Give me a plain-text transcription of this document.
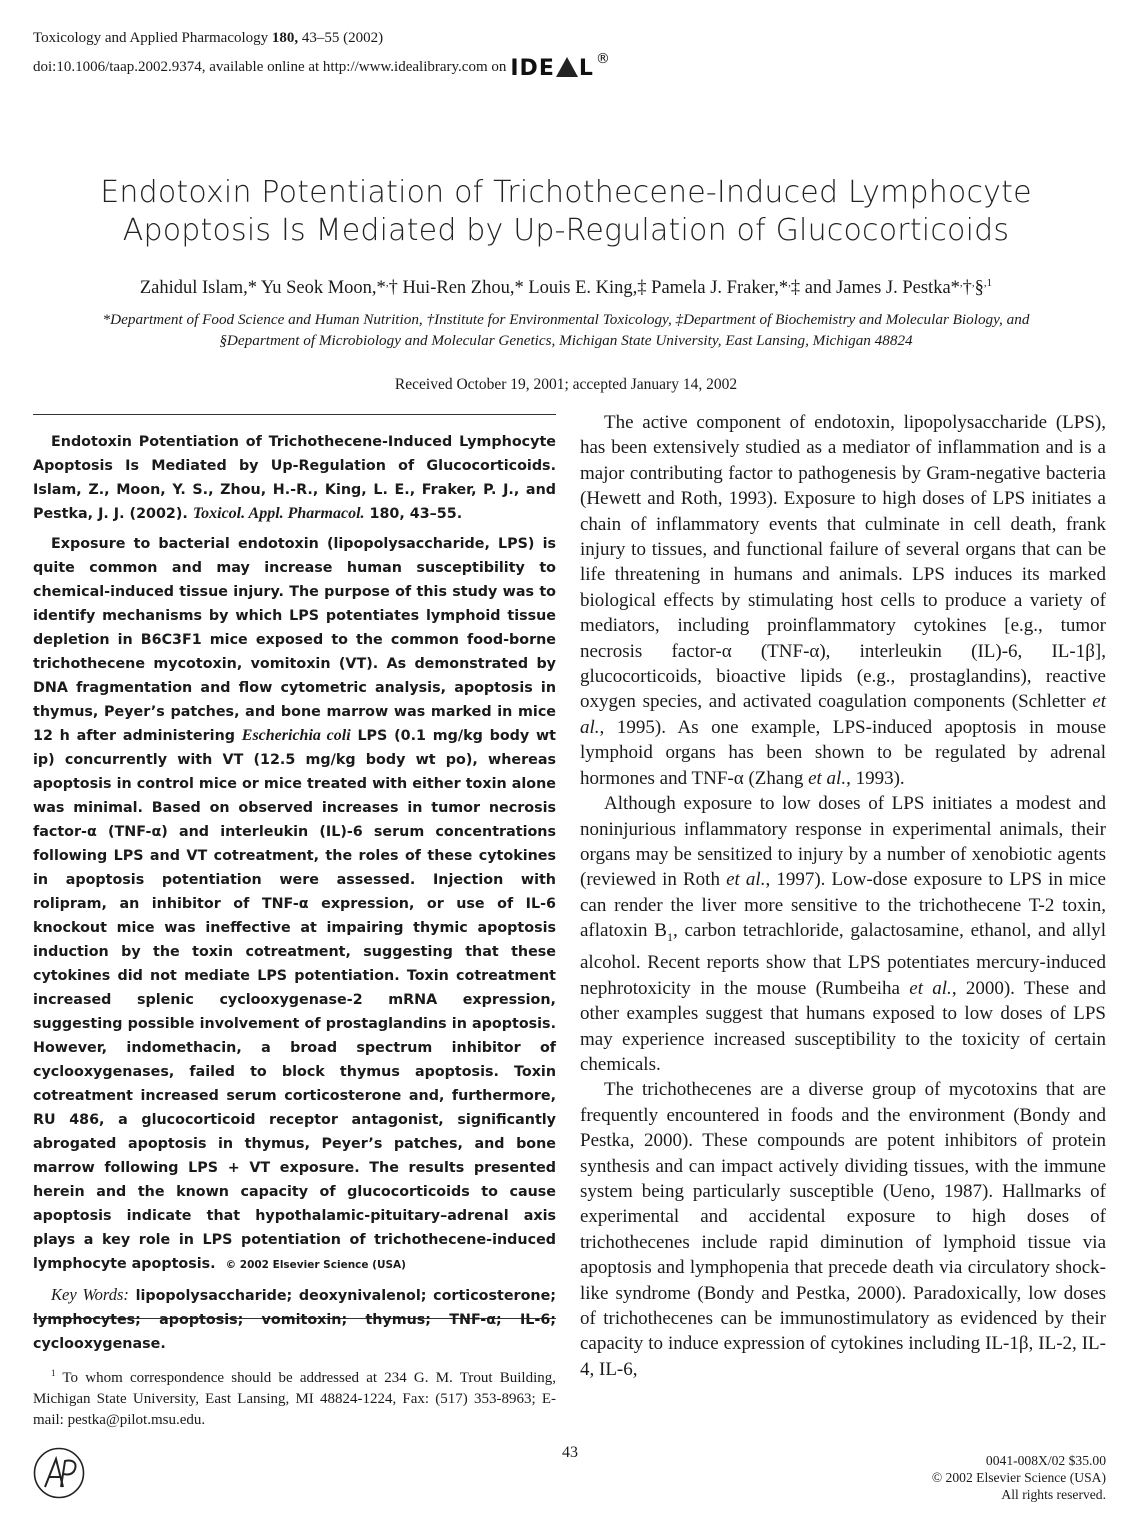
Toxicology and Applied Pharmacology 180, 43–55 (2002)
doi:10.1006/taap.2002.9374, available online at http://www.idealibrary.com on IDE L ®
Endotoxin Potentiation of Trichothecene-Induced Lymphocyte
Apoptosis Is Mediated by Up-Regulation of Glucocorticoids
Zahidul Islam,* Yu Seok Moon,*,† Hui-Ren Zhou,* Louis E. King,‡ Pamela J. Fraker,*,‡ and James J. Pestka*,†,§$^{,1}$
*Department of Food Science and Human Nutrition, †Institute for Environmental Toxicology, ‡Department of Biochemistry and Molecular Biology, and
§Department of Microbiology and Molecular Genetics, Michigan State University, East Lansing, Michigan 48824
Received October 19, 2001; accepted January 14, 2002

Endotoxin Potentiation of Trichothecene-Induced Lymphocyte Apoptosis Is Mediated by Up-Regulation of Glucocorticoids. Islam, Z., Moon, Y. S., Zhou, H.-R., King, L. E., Fraker, P. J., and Pestka, J. J. (2002). Toxicol. Appl. Pharmacol. 180, 43–55.

Exposure to bacterial endotoxin (lipopolysaccharide, LPS) is quite common and may increase human susceptibility to chemical-induced tissue injury. The purpose of this study was to identify mechanisms by which LPS potentiates lymphoid tissue depletion in B6C3F1 mice exposed to the common food-borne trichothecene mycotoxin, vomitoxin (VT). As demonstrated by DNA fragmentation and flow cytometric analysis, apoptosis in thymus, Peyer’s patches, and bone marrow was marked in mice 12 h after administering Escherichia coli LPS (0.1 mg/kg body wt ip) concurrently with VT (12.5 mg/kg body wt po), whereas apoptosis in control mice or mice treated with either toxin alone was minimal. Based on observed increases in tumor necrosis factor-α (TNF-α) and interleukin (IL)-6 serum concentrations following LPS and VT cotreatment, the roles of these cytokines in apoptosis potentiation were assessed. Injection with rolipram, an inhibitor of TNF-α expression, or use of IL-6 knockout mice was ineffective at impairing thymic apoptosis induction by the toxin cotreatment, suggesting that these cytokines did not mediate LPS potentiation. Toxin cotreatment increased splenic cyclooxygenase-2 mRNA expression, suggesting possible involvement of prostaglandins in apoptosis. However, indomethacin, a broad spectrum inhibitor of cyclooxygenases, failed to block thymus apoptosis. Toxin cotreatment increased serum corticosterone and, furthermore, RU 486, a glucocorticoid receptor antagonist, significantly abrogated apoptosis in thymus, Peyer’s patches, and bone marrow following LPS + VT exposure. The results presented herein and the known capacity of glucocorticoids to cause apoptosis indicate that hypothalamic-pituitary–adrenal axis plays a key role in LPS potentiation of trichothecene-induced lymphocyte apoptosis. © 2002 Elsevier Science (USA)

Key Words: lipopolysaccharide; deoxynivalenol; corticosterone; lymphocytes; apoptosis; vomitoxin; thymus; TNF-α; IL-6; cyclooxygenase.

$^1$ To whom correspondence should be addressed at 234 G. M. Trout Building, Michigan State University, East Lansing, MI 48824-1224, Fax: (517) 353-8963; E-mail: pestka@pilot.msu.edu.

The active component of endotoxin, lipopolysaccharide (LPS), has been extensively studied as a mediator of inflammation and is a major contributing factor to pathogenesis by Gram-negative bacteria (Hewett and Roth, 1993). Exposure to high doses of LPS initiates a chain of inflammatory events that culminate in cell death, frank injury to tissues, and functional failure of several organs that can be life threatening in humans and animals. LPS induces its marked biological effects by stimulating host cells to produce a variety of mediators, including proinflammatory cytokines [e.g., tumor necrosis factor-α (TNF-α), interleukin (IL)-6, IL-1β], glucocorticoids, bioactive lipids (e.g., prostaglandins), reactive oxygen species, and activated coagulation components (Schletter et al., 1995). As one example, LPS-induced apoptosis in mouse lymphoid organs has been shown to be regulated by adrenal hormones and TNF-α (Zhang et al., 1993).

Although exposure to low doses of LPS initiates a modest and noninjurious inflammatory response in experimental animals, their organs may be sensitized to injury by a number of xenobiotic agents (reviewed in Roth et al., 1997). Low-dose exposure to LPS in mice can render the liver more sensitive to the trichothecene T-2 toxin, aflatoxin $B_1$, carbon tetrachloride, galactosamine, ethanol, and allyl alcohol. Recent reports show that LPS potentiates mercury-induced nephrotoxicity in the mouse (Rumbeiha et al., 2000). These and other examples suggest that humans exposed to low doses of LPS may experience increased susceptibility to the toxicity of certain chemicals.

The trichothecenes are a diverse group of mycotoxins that are frequently encountered in foods and the environment (Bondy and Pestka, 2000). These compounds are potent inhibitors of protein synthesis and can impact actively dividing tissues, with the immune system being particularly susceptible (Ueno, 1987). Hallmarks of experimental and accidental exposure to high doses of trichothecenes include rapid diminution of lymphoid tissue via apoptosis and lymphopenia that precede death via circulatory shock-like syndrome (Bondy and Pestka, 2000). Paradoxically, low doses of trichothecenes can be immunostimulatory as evidenced by their capacity to induce expression of cytokines including IL-1β, IL-2, IL-4, IL-6,

43	0041-008X/02 $35.00
© 2002 Elsevier Science (USA)
All rights reserved.
